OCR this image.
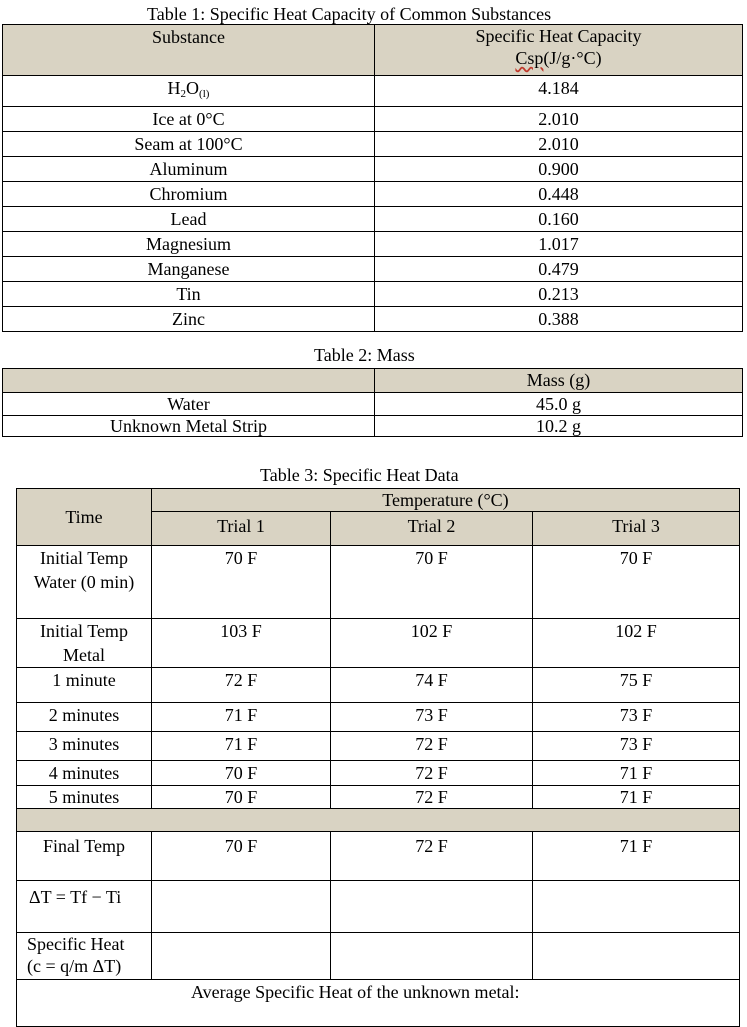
Table 1: Specific Heat Capacity of Common Substances
Substance	Specific Heat Capacity
Csp(J/g·°C)

$H_2O_{(l)}$	4.184
Ice at 0°C	2.010
Seam at 100°C	2.010
Aluminum	0.900
Chromium	0.448
Lead	0.160
Magnesium	1.017
Manganese	0.479
Tin	0.213
Zinc	0.388
Table 2: Mass
	Mass (g)
Water	45.0 g
Unknown Metal Strip	10.2 g
Table 3: Specific Heat Data
Time	Temperature (°C)		
	Trial 1	Trial 2	Trial 3
Initial Temp Water (0 min)	70 F	70 F	70 F
Initial Temp Metal	103 F	102 F	102 F
1 minute	72 F	74 F	75 F
2 minutes	71 F	73 F	73 F
3 minutes	71 F	72 F	73 F
4 minutes	70 F	72 F	71 F
5 minutes	70 F	72 F	71 F

Final Temp	70 F	72 F	71 F
ΔT = Tf − Ti			

Specific Heat
(c = q/m ΔT)			

Average Specific Heat of the unknown metal:			
